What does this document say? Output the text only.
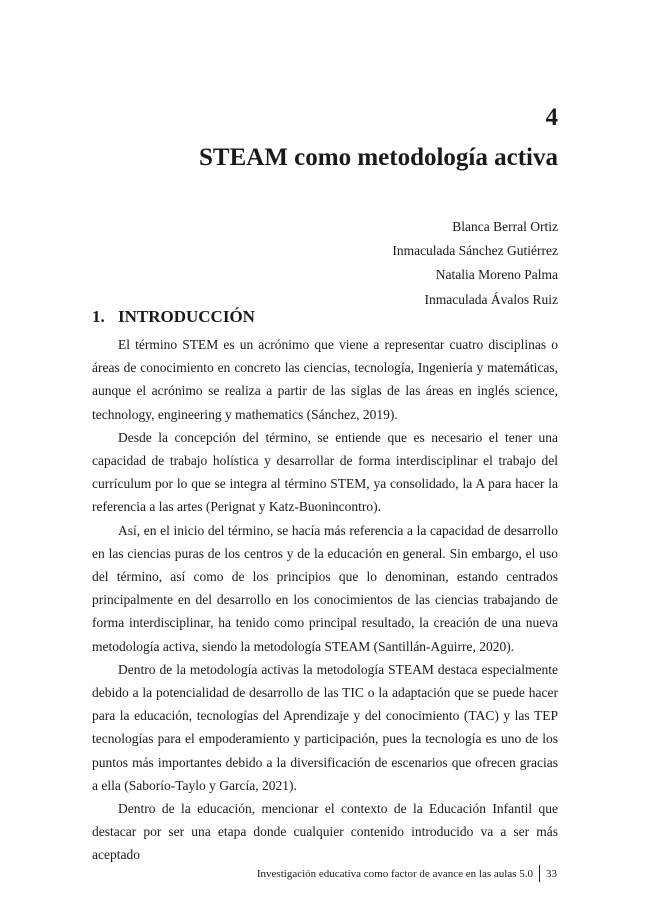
4
STEAM como metodología activa
Blanca Berral Ortiz
Inmaculada Sánchez Gutiérrez
Natalia Moreno Palma
Inmaculada Ávalos Ruiz
1. INTRODUCCIÓN

El término STEM es un acrónimo que viene a representar cuatro disciplinas o áreas de conocimiento en concreto las ciencias, tecnología, Ingeniería y matemáticas, aunque el acrónimo se realiza a partir de las siglas de las áreas en inglés science, technology, engineering y mathematics (Sánchez, 2019).

Desde la concepción del término, se entiende que es necesario el tener una capacidad de trabajo holística y desarrollar de forma interdisciplinar el trabajo del currículum por lo que se integra al término STEM, ya consolidado, la A para hacer la referencia a las artes (Perignat y Katz-Buonincontro).

Así, en el inicio del término, se hacía más referencia a la capacidad de desarrollo en las ciencias puras de los centros y de la educación en general. Sin embargo, el uso del término, así como de los principios que lo denominan, estando centrados principalmente en del desarrollo en los conocimientos de las ciencias trabajando de forma interdisciplinar, ha tenido como principal resultado, la creación de una nueva metodología activa, siendo la metodología STEAM (Santillán-Aguirre, 2020).

Dentro de la metodología activas la metodología STEAM destaca especialmente debido a la potencialidad de desarrollo de las TIC o la adaptación que se puede hacer para la educación, tecnologías del Aprendizaje y del conocimiento (TAC) y las TEP tecnologías para el empoderamiento y participación, pues la tecnología es uno de los puntos más importantes debido a la diversificación de escenarios que ofrecen gracias a ella (Saborío-Taylo y García, 2021).

Dentro de la educación, mencionar el contexto de la Educación Infantil que destacar por ser una etapa donde cualquier contenido introducido va a ser más aceptado

Investigación educativa como factor de avance en las aulas 5.0 33
